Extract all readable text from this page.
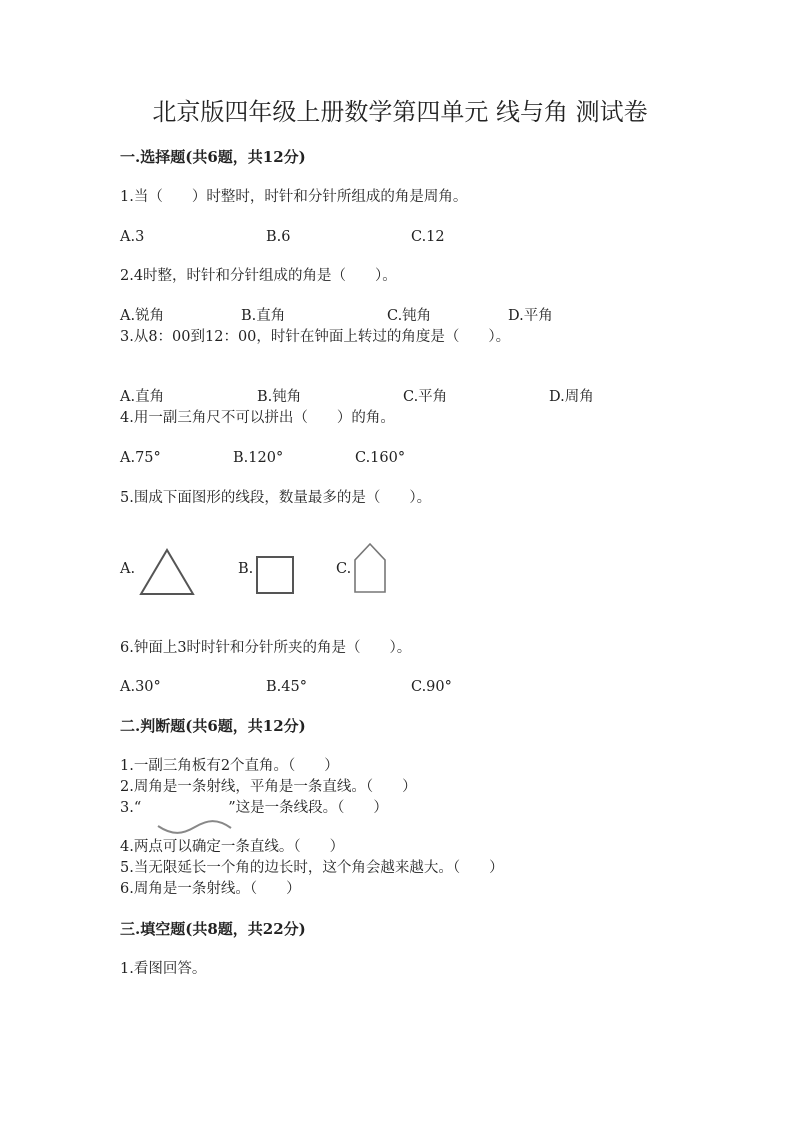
北京版四年级上册数学第四单元 线与角 测试卷
一.选择题(共6题，共12分)
1.当（　　）时整时，时针和分针所组成的角是周角。
A.3	B.6	C.12
2.4时整，时针和分针组成的角是（　　）。
A.锐角	B.直角	C.钝角	D.平角
3.从8：00到12：00，时针在钟面上转过的角度是（　　）。
A.直角	B.钝角	C.平角	D.周角
4.用一副三角尺不可以拼出（　　）的角。
A.75°	B.120°	C.160°
5.围成下面图形的线段，数量最多的是（　　）。
A.	B.	C.
6.钟面上3时时针和分针所夹的角是（　　）。
A.30°	B.45°	C.90°
二.判断题(共6题，共12分)
1.一副三角板有2个直角。（　　）
2.周角是一条射线，平角是一条直线。（　　）
3.“　　　　　　”这是一条线段。（　　）
4.两点可以确定一条直线。（　　）
5.当无限延长一个角的边长时，这个角会越来越大。（　　）
6.周角是一条射线。（　　）
三.填空题(共8题，共22分)
1.看图回答。
